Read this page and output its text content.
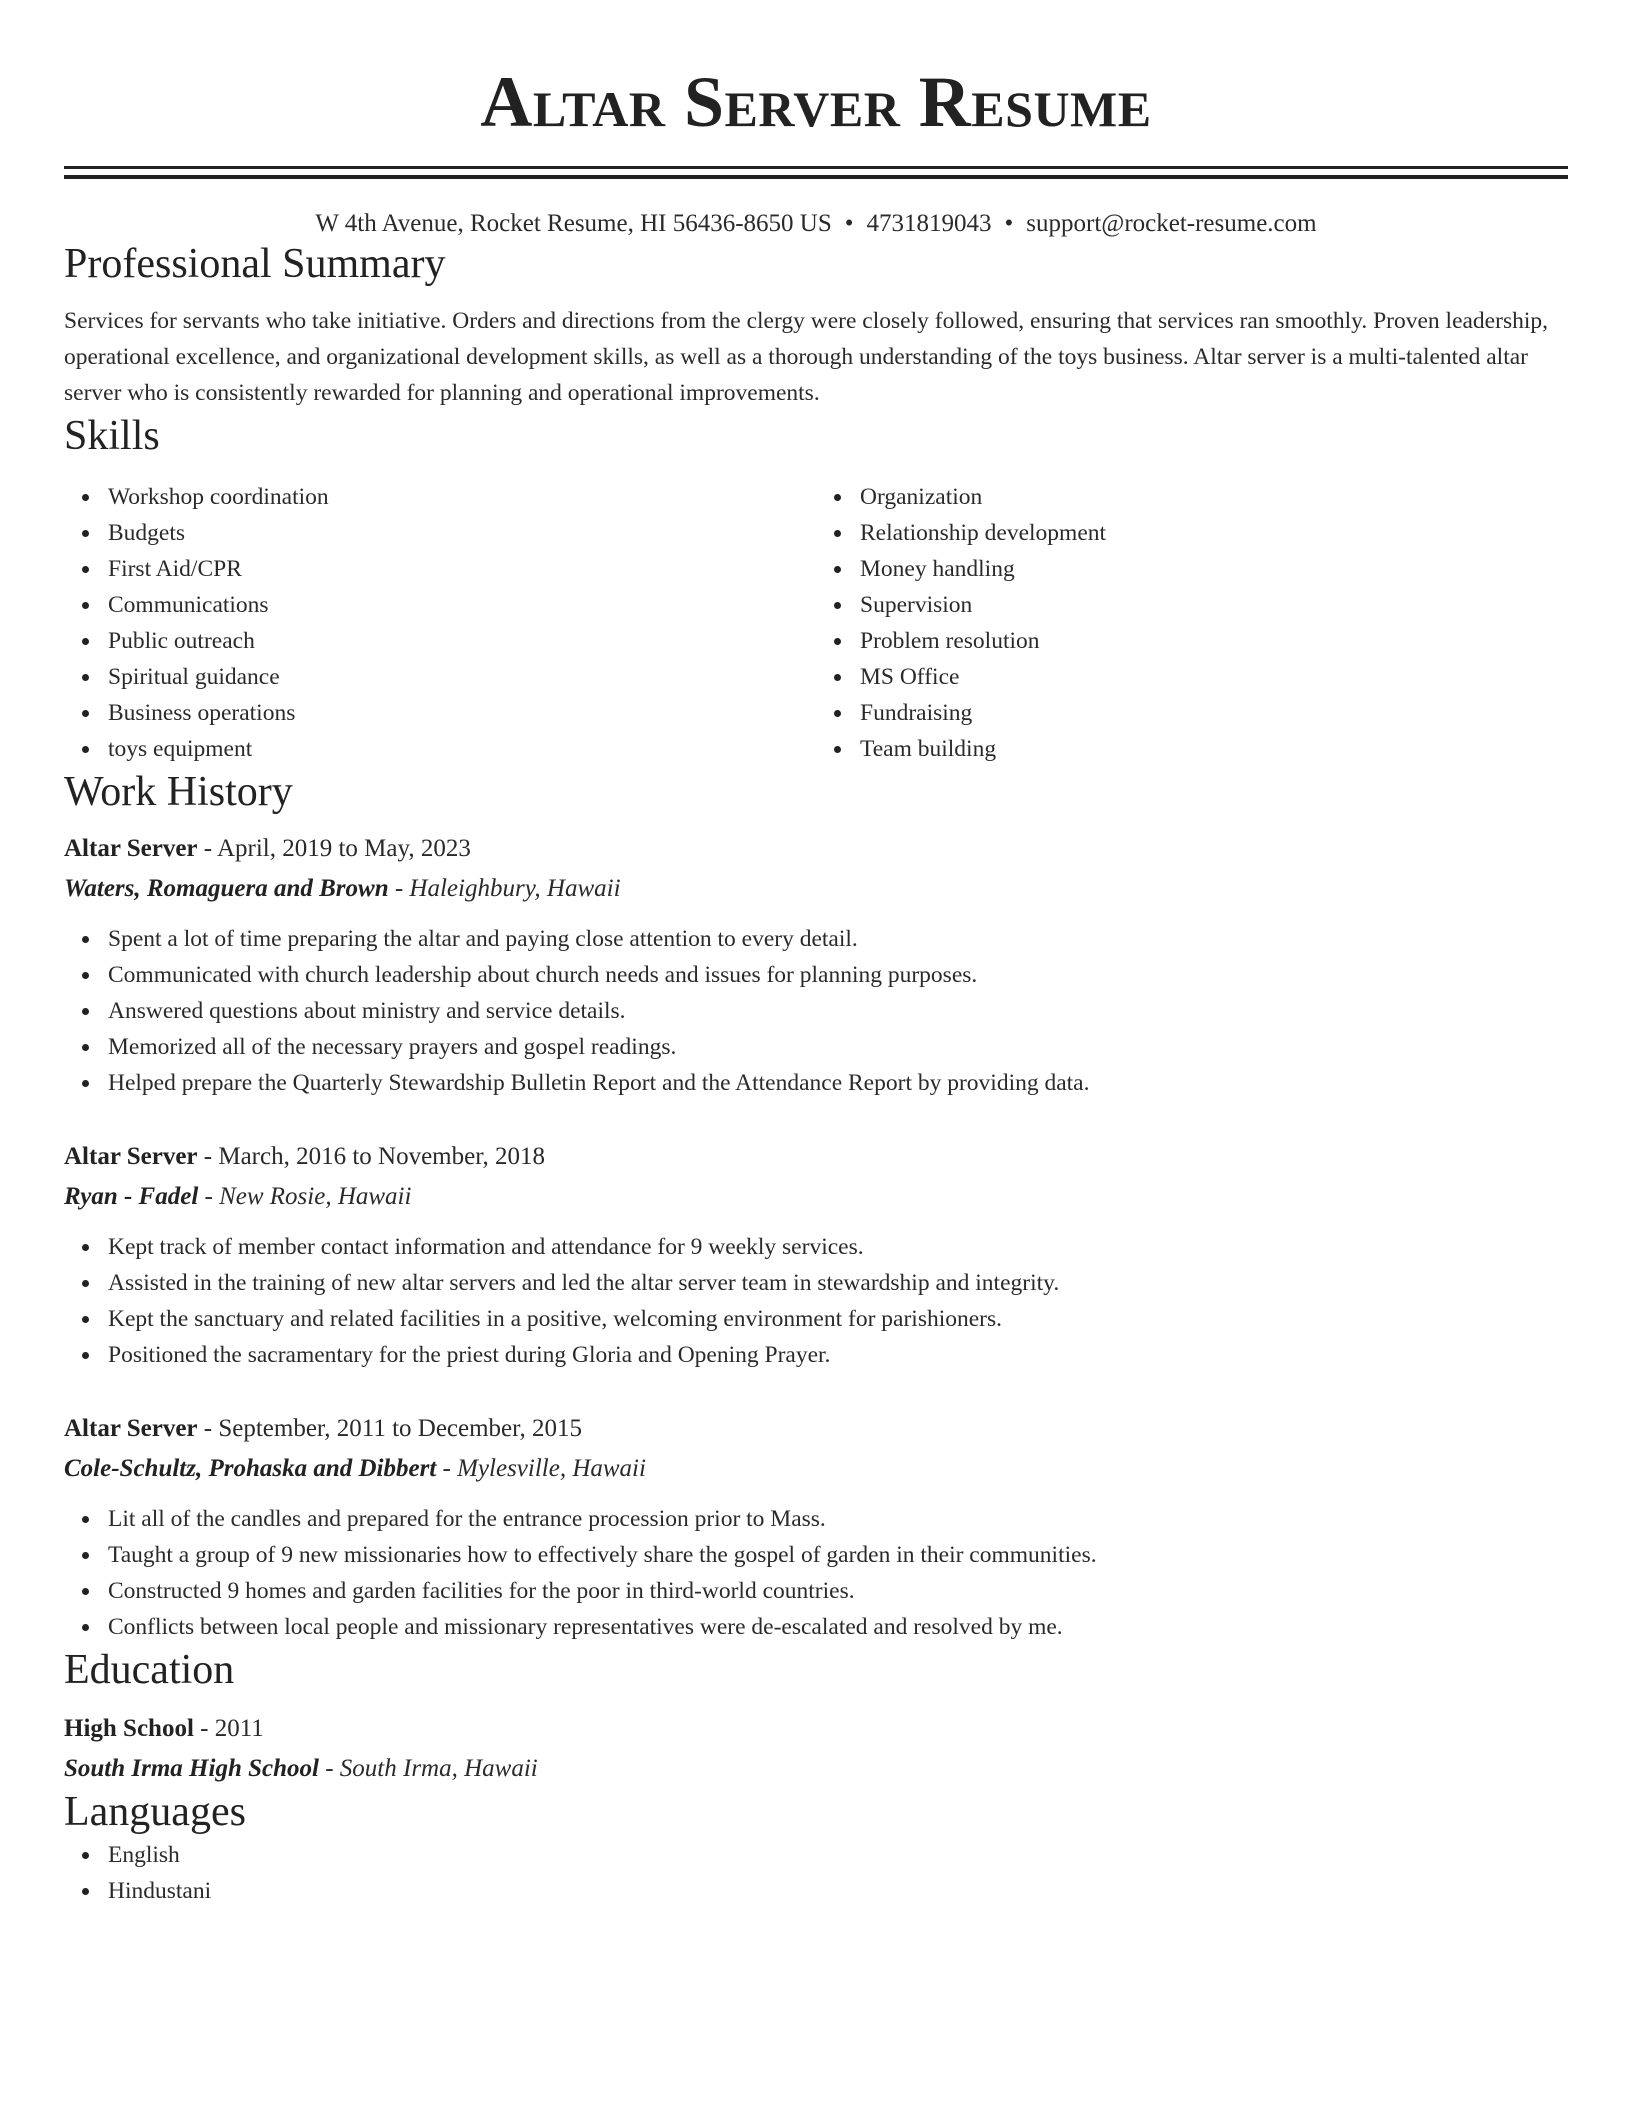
Altar Server Resume
W 4th Avenue, Rocket Resume, HI 56436-8650 US • 4731819043 • support@rocket-resume.com
Professional Summary

Services for servants who take initiative. Orders and directions from the clergy were closely followed, ensuring that services ran smoothly. Proven leadership, operational excellence, and organizational development skills, as well as a thorough understanding of the toys business. Altar server is a multi-talented altar server who is consistently rewarded for planning and operational improvements.

Skills
Workshop coordination
Budgets
First Aid/CPR
Communications
Public outreach
Spiritual guidance
Business operations
toys equipment
Organization
Relationship development
Money handling
Supervision
Problem resolution
MS Office
Fundraising
Team building
Work History
Altar Server - April, 2019 to May, 2023
Waters, Romaguera and Brown - Haleighbury, Hawaii
Spent a lot of time preparing the altar and paying close attention to every detail.
Communicated with church leadership about church needs and issues for planning purposes.
Answered questions about ministry and service details.
Memorized all of the necessary prayers and gospel readings.
Helped prepare the Quarterly Stewardship Bulletin Report and the Attendance Report by providing data.
Altar Server - March, 2016 to November, 2018
Ryan - Fadel - New Rosie, Hawaii
Kept track of member contact information and attendance for 9 weekly services.
Assisted in the training of new altar servers and led the altar server team in stewardship and integrity.
Kept the sanctuary and related facilities in a positive, welcoming environment for parishioners.
Positioned the sacramentary for the priest during Gloria and Opening Prayer.
Altar Server - September, 2011 to December, 2015
Cole-Schultz, Prohaska and Dibbert - Mylesville, Hawaii
Lit all of the candles and prepared for the entrance procession prior to Mass.
Taught a group of 9 new missionaries how to effectively share the gospel of garden in their communities.
Constructed 9 homes and garden facilities for the poor in third-world countries.
Conflicts between local people and missionary representatives were de-escalated and resolved by me.
Education
High School - 2011
South Irma High School - South Irma, Hawaii
Languages
English
Hindustani
